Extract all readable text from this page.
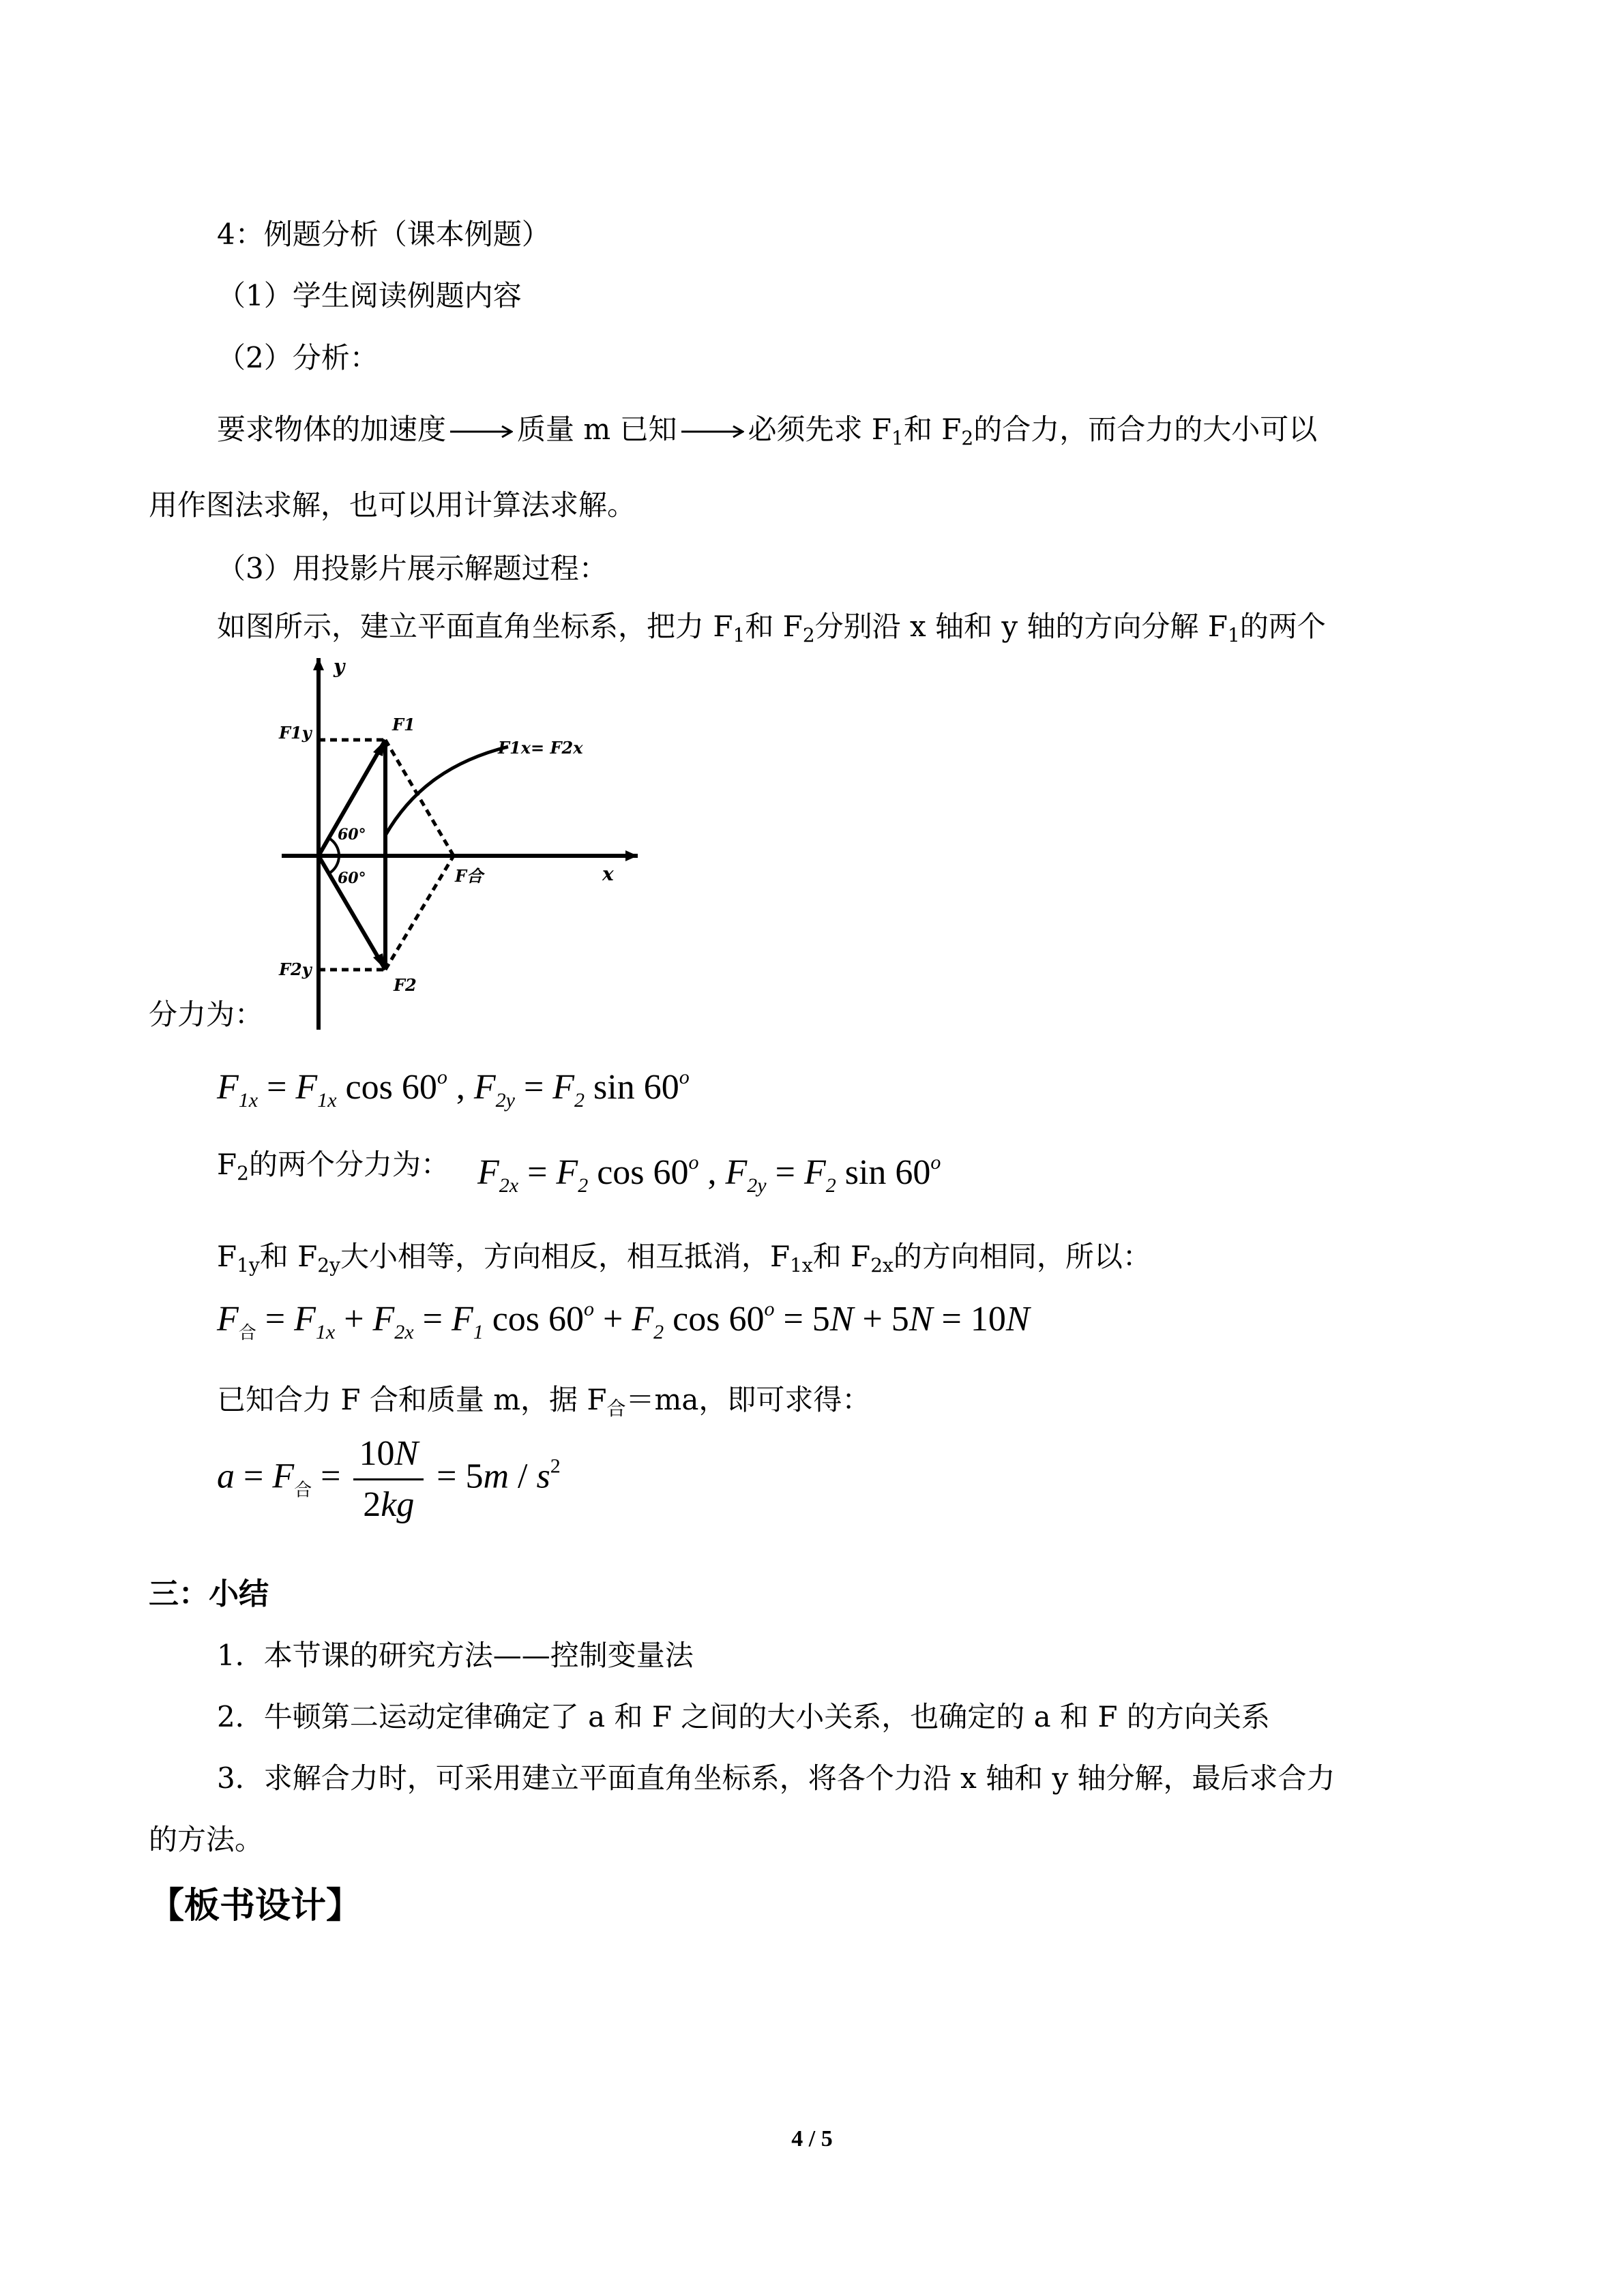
4：例题分析（课本例题）
（1）学生阅读例题内容
（2）分析：
要求物体的加速度 质量 m 已知 必须先求 $F_1$和 $F_2$的合力，而合力的大小可以
用作图法求解，也可以用计算法求解。
（3）用投影片展示解题过程：
如图所示，建立平面直角坐标系，把力 $F_1$和 $F_2$分别沿 x 轴和 y 轴的方向分解 $F_1$的两个
y
x
F1y	F1
F1x= F2x
60°
60°	F合
F2y
F2
分力为：
$F_{1x} = F_{1x}$ cos 60$^o$ , $F_{2y} = F_2$ sin 60$^o$
$F_2$的两个分力为： $F_{2x} = F_2$ cos 60$^o$ , $F_{2y} = F_2$ sin 60$^o$
$F_{1y}$和 $F_{2y}$大小相等，方向相反，相互抵消，$F_{1x}$和 $F_{2x}$的方向相同，所以：
$F_合 = F_{1x} + F_{2x} = F_1$ $\cos 60^o + F_2$ $\cos 60^o = 5N + 5N = 10N$
已知合力 F 合和质量 m，据 $F_合=ma$，即可求得：
$a = F_合 = \frac{10N}{2kg} = 5m / s^2$
三：小结
1．本节课的研究方法——控制变量法
2．牛顿第二运动定律确定了 a 和 F 之间的大小关系，也确定的 a 和 F 的方向关系
3．求解合力时，可采用建立平面直角坐标系，将各个力沿 x 轴和 y 轴分解，最后求合力
的方法。
【板书设计】
4 / 5
